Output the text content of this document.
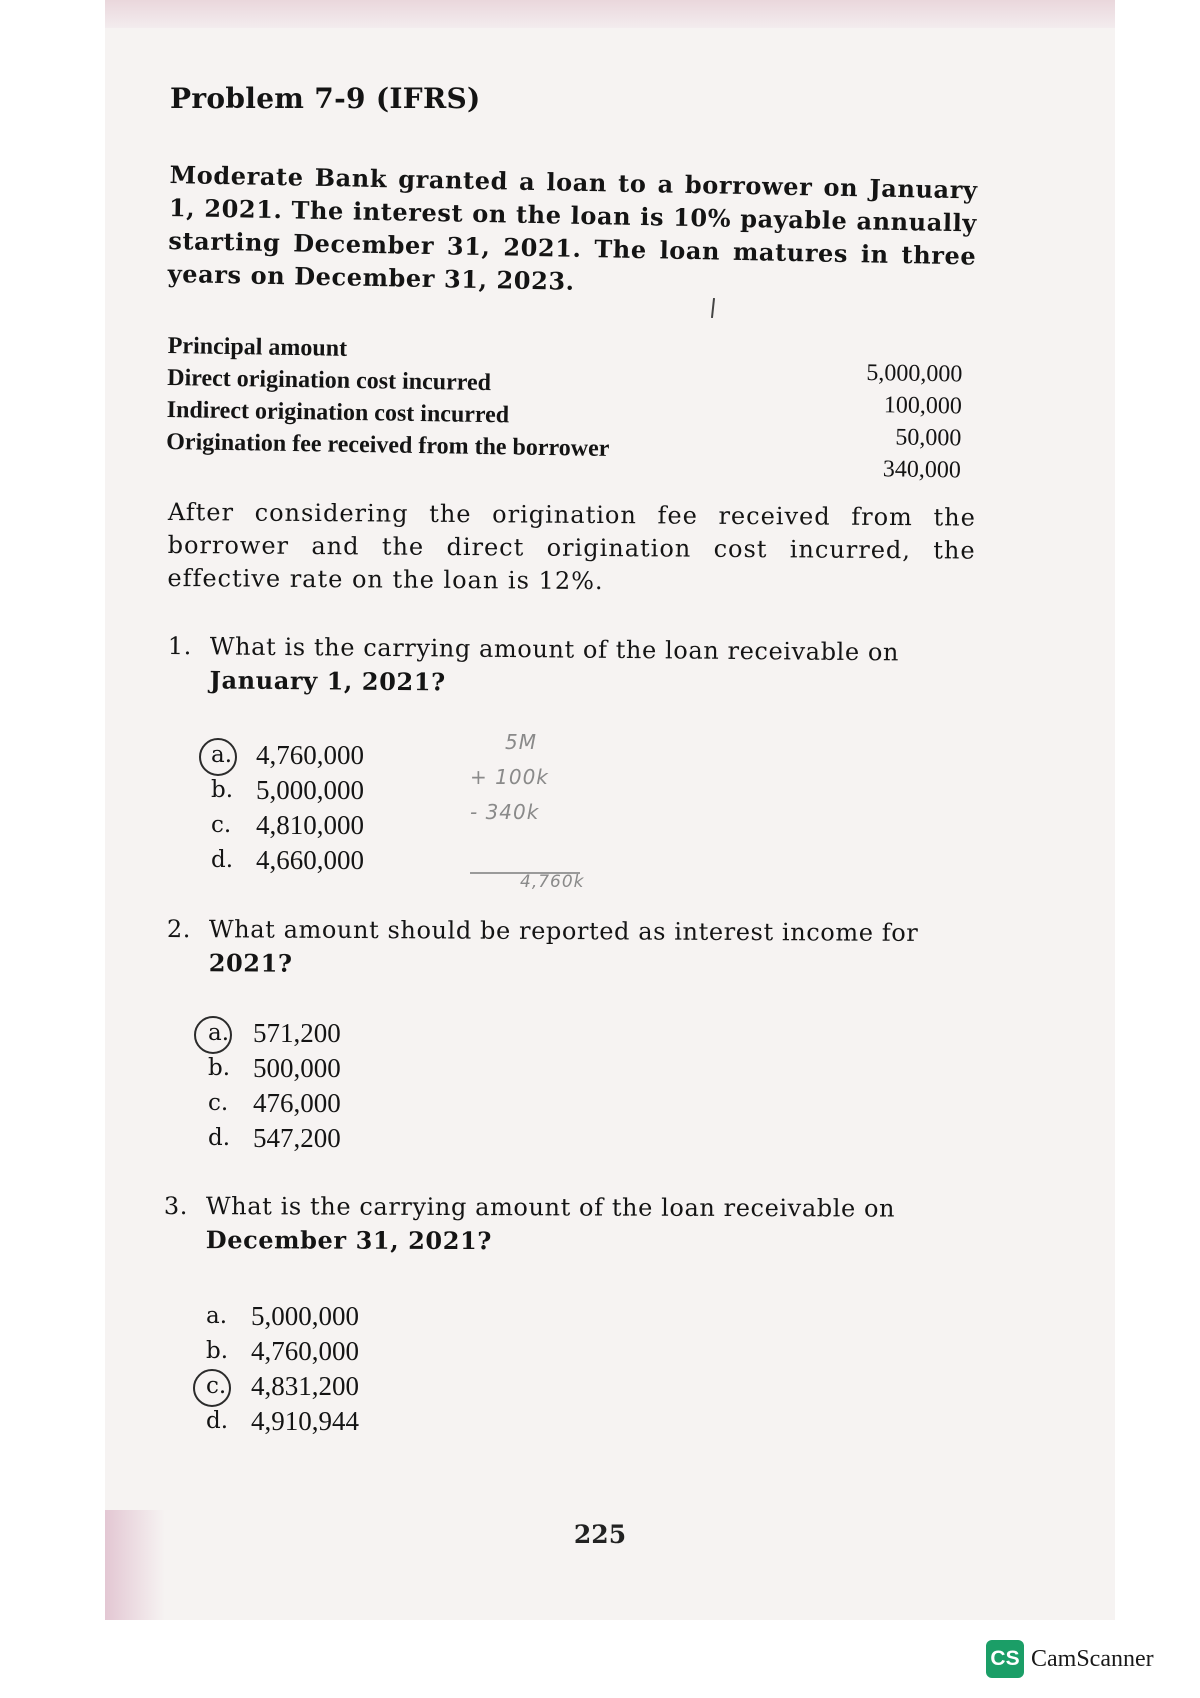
Problem 7-9 (IFRS)
Moderate Bank granted a loan to a borrower on January 1, 2021. The interest on the loan is 10% payable annually starting December 31, 2021. The loan matures in three years on December 31, 2023.
Principal amount
5,000,000
Direct origination cost incurred
100,000
Indirect origination cost incurred
50,000
Origination fee received from the borrower
340,000
After considering the origination fee received from the borrower and the direct origination cost incurred, the effective rate on the loan is 12%.
1. What is the carrying amount of the loan receivable on
January 1, 2021?
a. 4,760,000
b. 5,000,000
c. 4,810,000
d. 4,660,000
5M
+ 100k
- 340k
4,760k
2. What amount should be reported as interest income for
2021?
a. 571,200
b. 500,000
c. 476,000
d. 547,200
3. What is the carrying amount of the loan receivable on
December 31, 2021?
a. 5,000,000
b. 4,760,000
c. 4,831,200
d. 4,910,944
225
CS CamScanner
